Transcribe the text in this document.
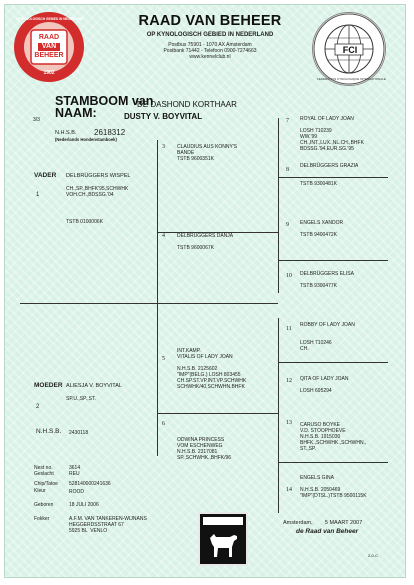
RAAD
VAN
BEHEER
1902
OP KYNOLOGISCH GEBIED IN NEDERLAND	RAAD VAN BEHEER
OP KYNOLOGISCH GEBIED IN NEDERLAND
Postbus 75901 - 1070 AX Amsterdam
Postbank 71442 - Telefoon 0900-7274663
www.kennelclub.nl
FCI
FEDERATION CYNOLOGIQUE INTERNATIONALE
3/3
STAMBOOM van
DE DASHOND KORTHAAR
NAAM:	DUSTY V. BOYVITAL
N.H.S.B. 2618312
(Nederlands Hondenstamboek)
VADER DELBRÜGGERS WISPEL
CH.,SP.,BHFK'95,SCHWHK
VOH.CH.,BDSSG.'04
1
TSTB 0100006K
MOEDER ALIESJA V. BOYVITAL
SP.U.,SP.,ST.
2
N.H.S.B. 2430118
3 CLAUDIUS AUS KONNY'S
BANDE
TSTB 9600351K
4 DELBRÜGGERS DANJA

TSTB 9600067K
5
INT.KAMP.
VITALIS OF LADY JOAN

N.H.S.B. 2125602
"IMP"(BELG.) LOSH 803455
CH.SP.ST.VP.INT.VP.SCHWHK
SCHWHK/40,SCHWHN.BHFK
6
ODWINA PRINCESS
VOM ESCHENWEG
N.H.S.B. 2317081
SP.,SCHWHK.,BHFK/96
7 ROYAL OF LADY JOAN

LOSH 710239
WW.'99
CH.,INT.,LUX.,NL.CH.,BHFK
BDSSG.'94,EUR.SG.'95
8
DELBRÜGGERS GRAZIA

TSTB 9300481K
9 ENGELS XANDOR

TSTB 9400472K
10 DELBRÜGGERS ELISA

TSTB 9300477K
11
ROBBY OF LADY JOAN

LOSH 710246
CH.
12 QITA OF LADY JOAN

LOSH 695294
13 CARUSO BOYKE
V.D. STOOPHOEVE
N.H.S.B. 1915030
BHFK.,SCHWHK.,SCHWHN.,
ST.,SP.
14
ENGELS GINA

N.H.S.B. 2050469
"IMP"(DTSL.)TSTB 9500115K
Nest no.	3614
Geslacht	REU
Chip/Tatoe 528140000241636
Kleur	ROOD
Geboren	18 JULI 2006
Fokker	A.F.M. VAN TANKEREN-WIJNANS
HEGGERDSSTRAAT 67
5925 BL  VENLO
Amsterdam,        5 MAART 2007
de Raad van Beheer
2-0-C
